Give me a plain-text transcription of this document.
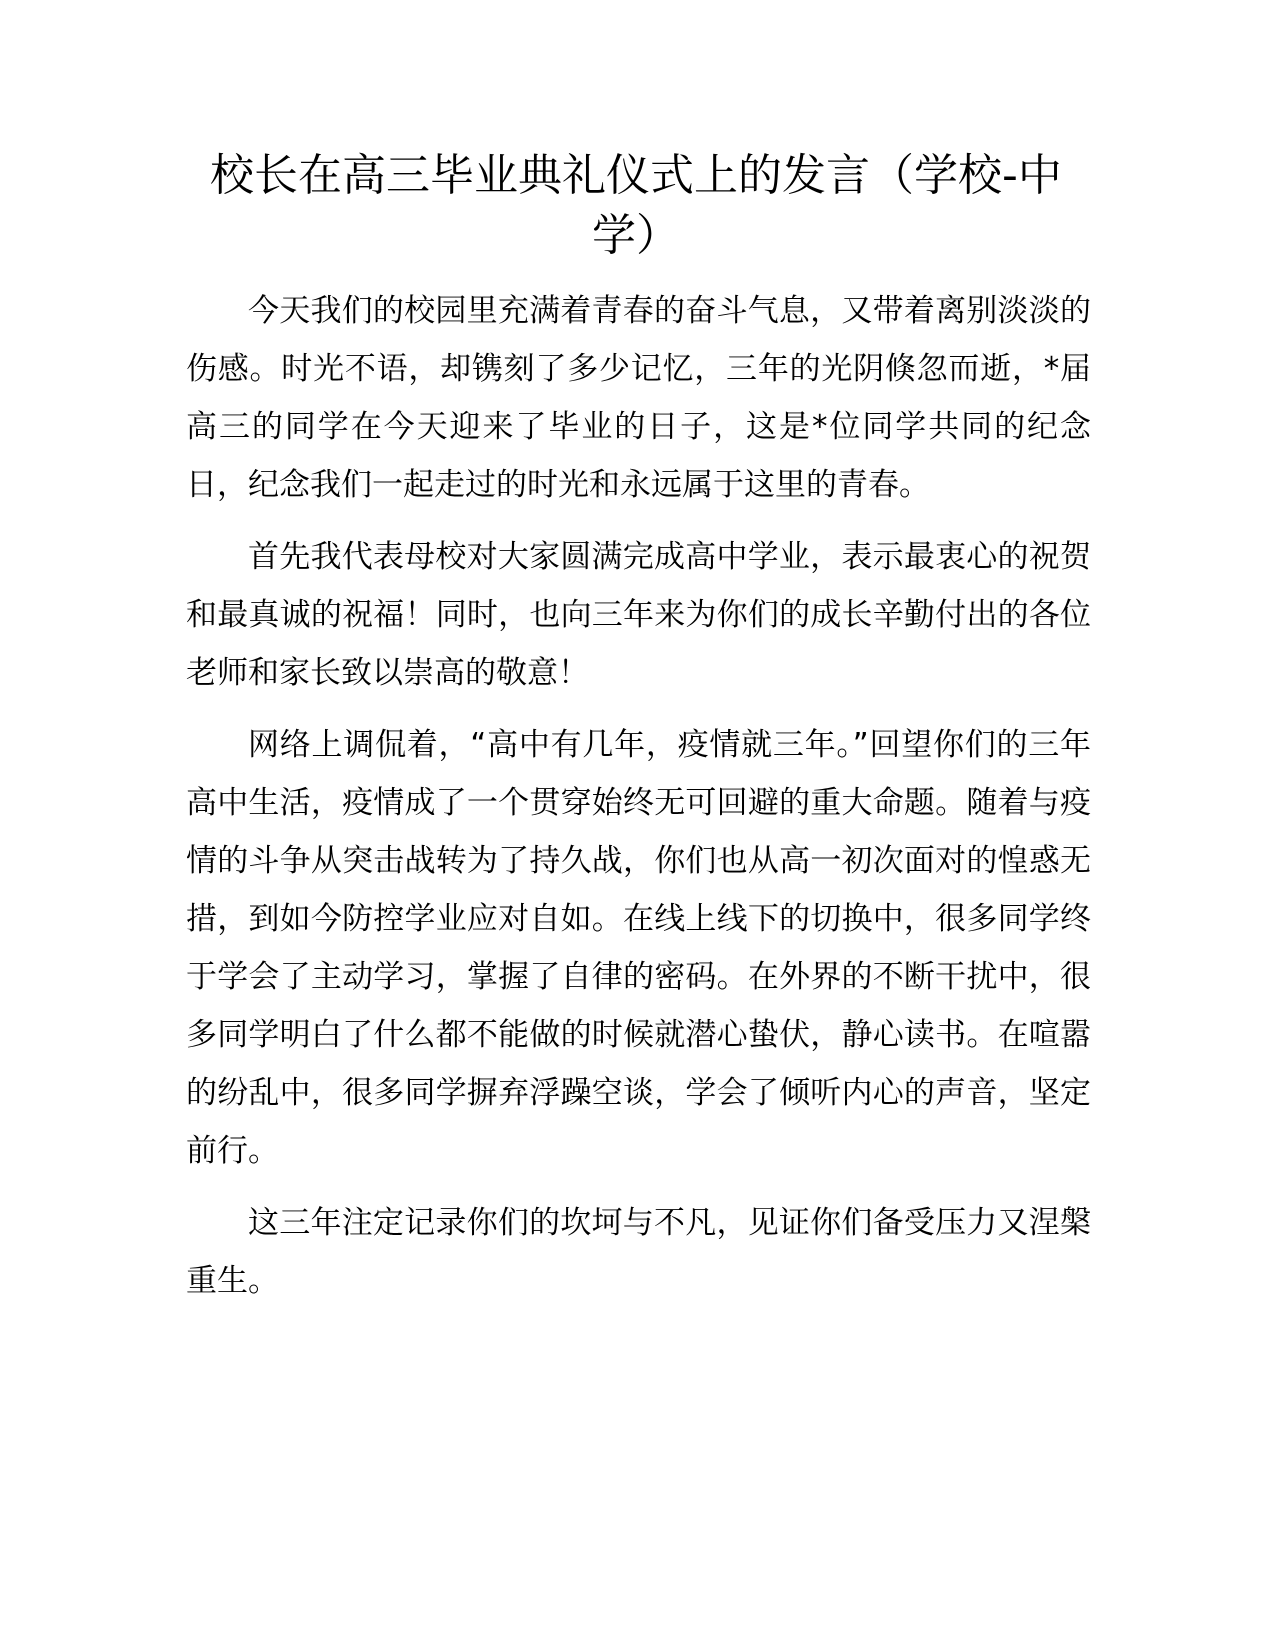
校长在高三毕业典礼仪式上的发言（学校-中学）

今天我们的校园里充满着青春的奋斗气息，又带着离别淡淡的伤感。时光不语，却镌刻了多少记忆，三年的光阴倏忽而逝，*届高三的同学在今天迎来了毕业的日子，这是*位同学共同的纪念日，纪念我们一起走过的时光和永远属于这里的青春。

首先我代表母校对大家圆满完成高中学业，表示最衷心的祝贺和最真诚的祝福！同时，也向三年来为你们的成长辛勤付出的各位老师和家长致以崇高的敬意！

网络上调侃着，“高中有几年，疫情就三年。”回望你们的三年高中生活，疫情成了一个贯穿始终无可回避的重大命题。随着与疫情的斗争从突击战转为了持久战，你们也从高一初次面对的惶惑无措，到如今防控学业应对自如。在线上线下的切换中，很多同学终于学会了主动学习，掌握了自律的密码。在外界的不断干扰中，很多同学明白了什么都不能做的时候就潜心蛰伏，静心读书。在喧嚣的纷乱中，很多同学摒弃浮躁空谈，学会了倾听内心的声音，坚定前行。

这三年注定记录你们的坎坷与不凡，见证你们备受压力又涅槃重生。
